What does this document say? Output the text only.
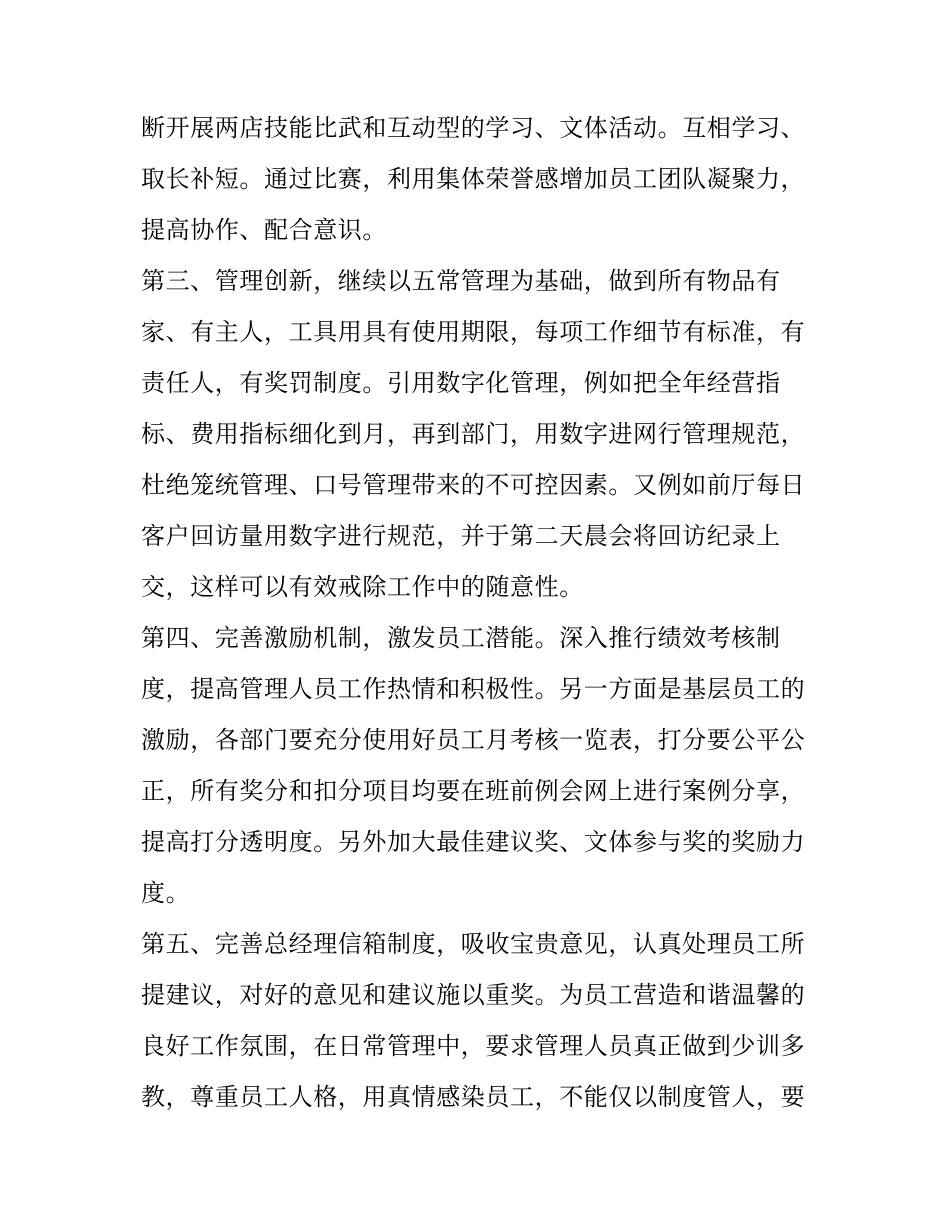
断开展两店技能比武和互动型的学习、文体活动。互相学习、
取长补短。通过比赛，利用集体荣誉感增加员工团队凝聚力，
提高协作、配合意识。
第三、管理创新，继续以五常管理为基础，做到所有物品有
家、有主人，工具用具有使用期限，每项工作细节有标准，有
责任人，有奖罚制度。引用数字化管理，例如把全年经营指
标、费用指标细化到月，再到部门，用数字进网行管理规范，
杜绝笼统管理、口号管理带来的不可控因素。又例如前厅每日
客户回访量用数字进行规范，并于第二天晨会将回访纪录上
交，这样可以有效戒除工作中的随意性。
第四、完善激励机制，激发员工潜能。深入推行绩效考核制
度，提高管理人员工作热情和积极性。另一方面是基层员工的
激励，各部门要充分使用好员工月考核一览表，打分要公平公
正，所有奖分和扣分项目均要在班前例会网上进行案例分享，
提高打分透明度。另外加大最佳建议奖、文体参与奖的奖励力
度。
第五、完善总经理信箱制度，吸收宝贵意见，认真处理员工所
提建议，对好的意见和建议施以重奖。为员工营造和谐温馨的
良好工作氛围，在日常管理中，要求管理人员真正做到少训多
教，尊重员工人格，用真情感染员工，不能仅以制度管人，要
